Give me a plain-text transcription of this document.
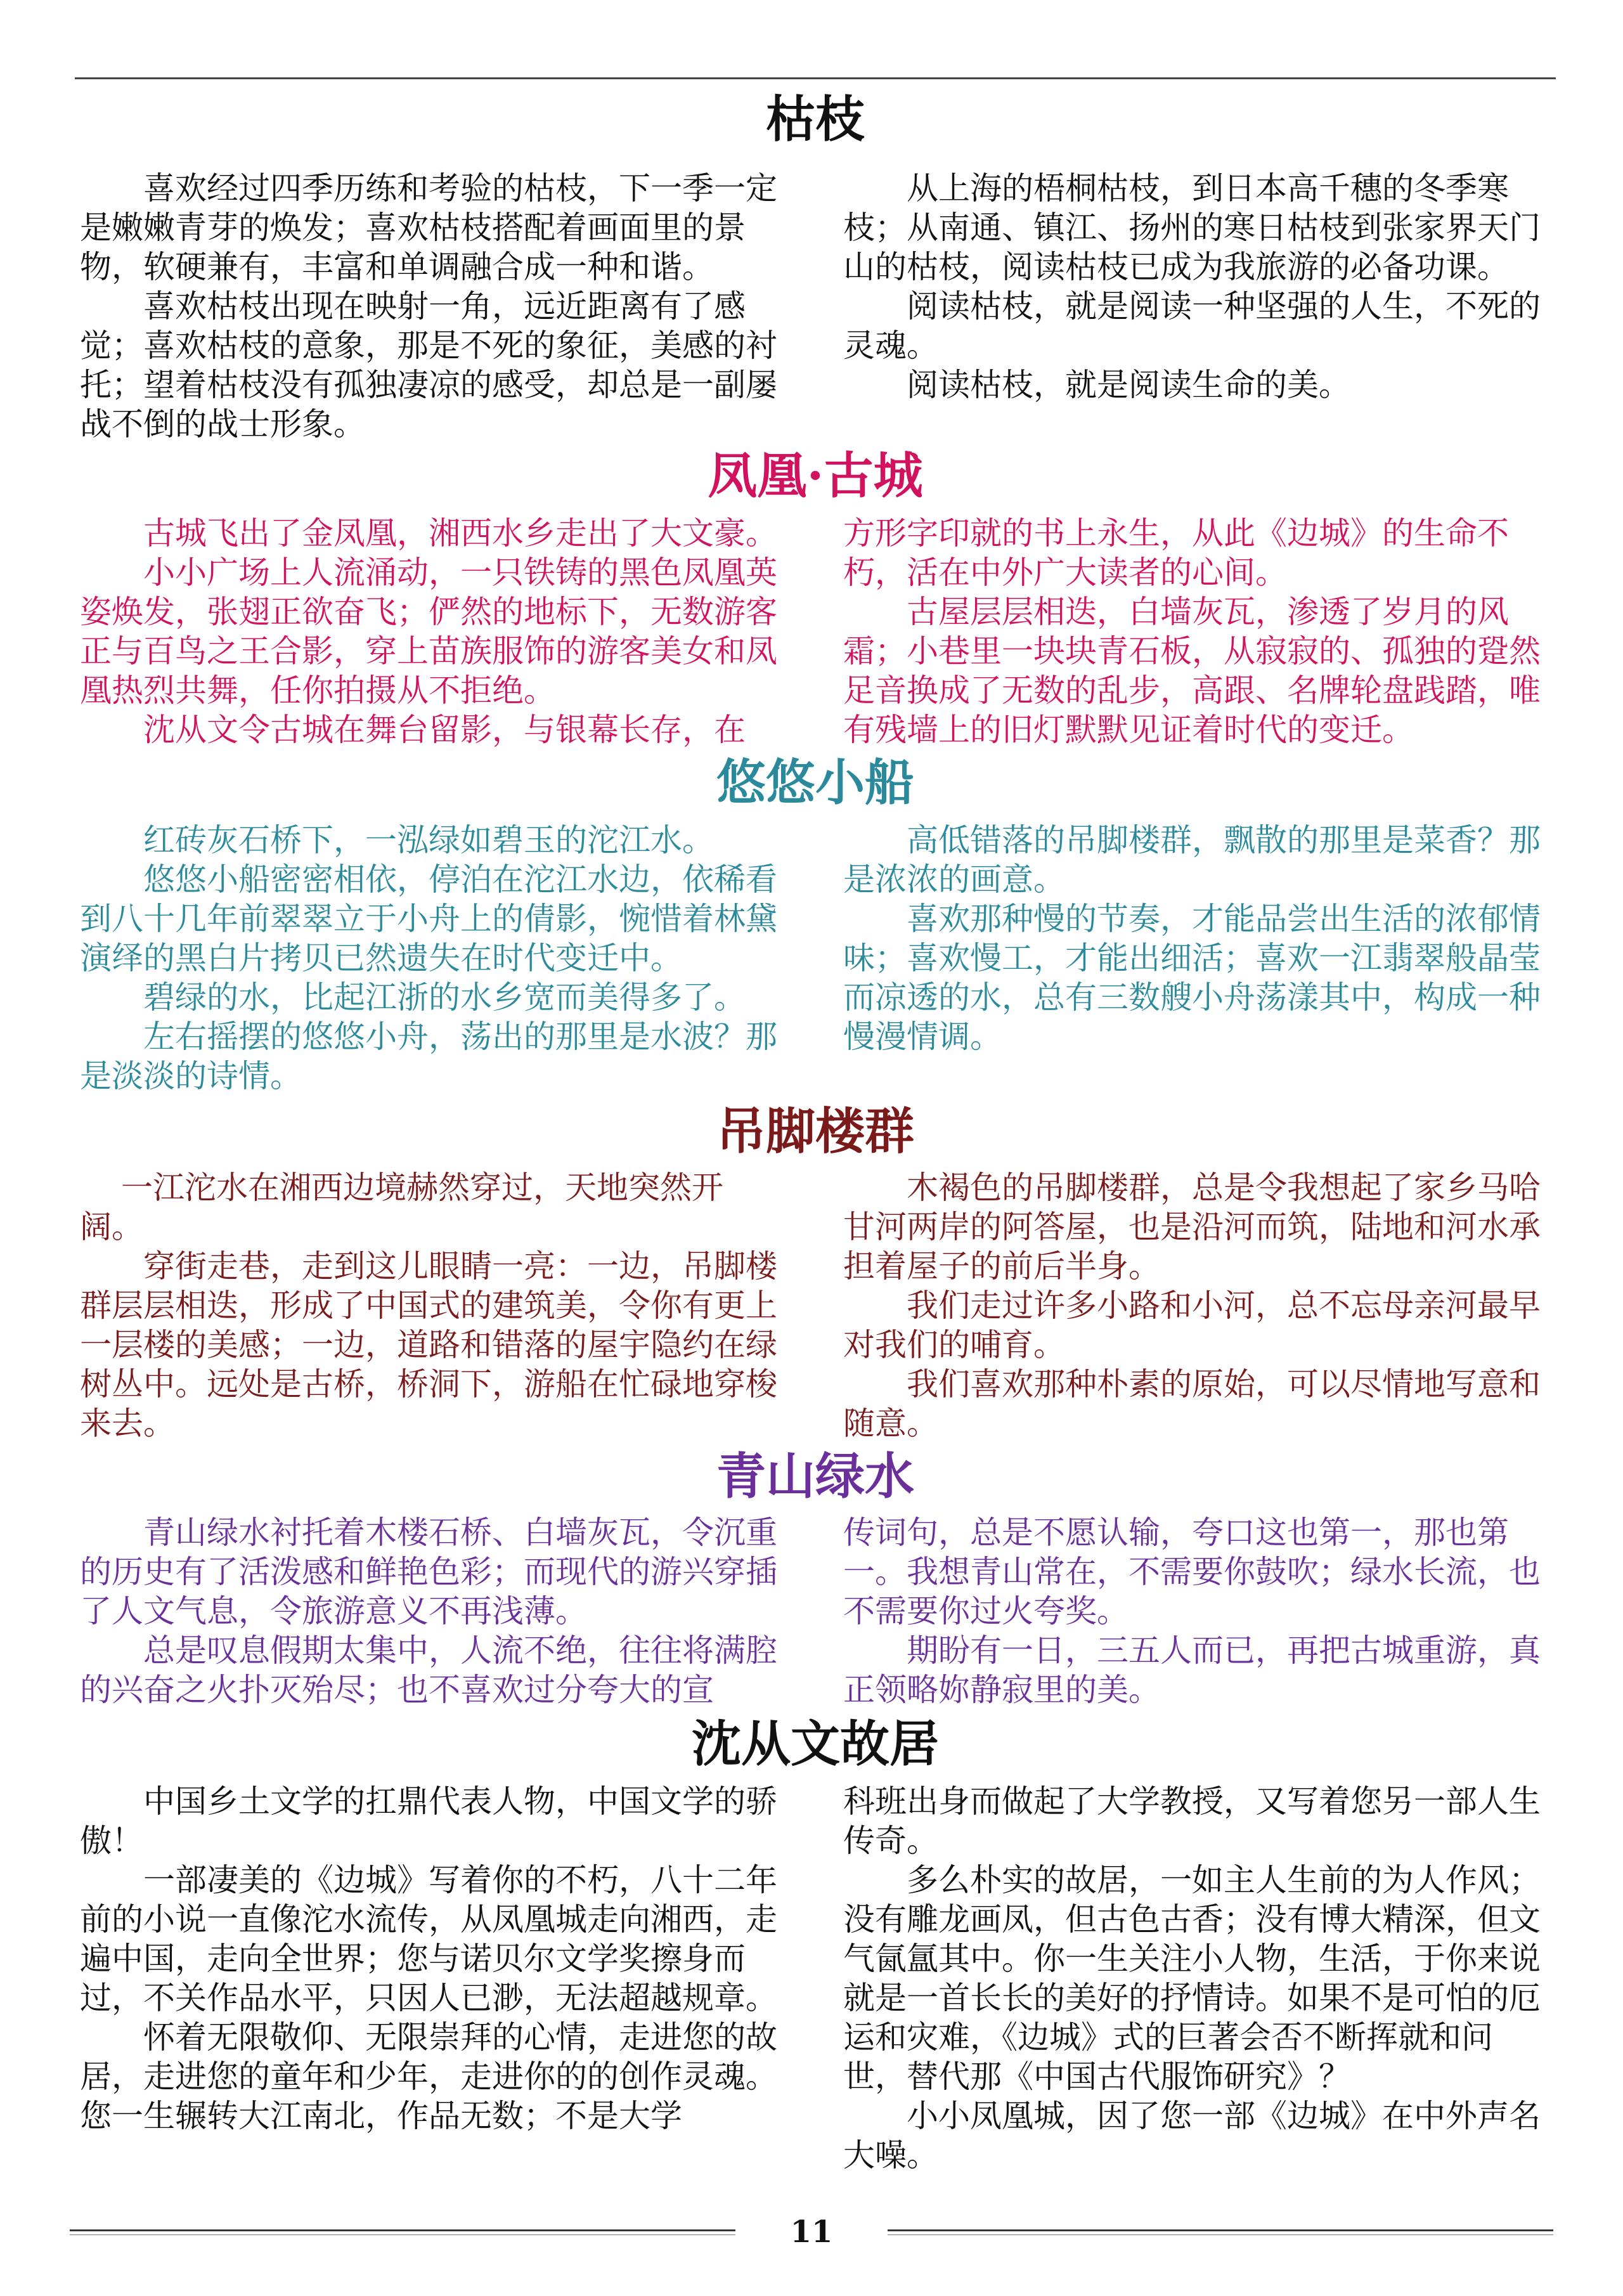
枯枝

喜欢经过四季历练和考验的枯枝，下一季一定是嫩嫩青芽的焕发；喜欢枯枝搭配着画面里的景物，软硬兼有，丰富和单调融合成一种和谐。

喜欢枯枝出现在映射一角，远近距离有了感觉；喜欢枯枝的意象，那是不死的象征，美感的衬托；望着枯枝没有孤独凄凉的感受，却总是一副屡战不倒的战士形象。

从上海的梧桐枯枝，到日本高千穗的冬季寒枝；从南通、镇江、扬州的寒日枯枝到张家界天门山的枯枝，阅读枯枝已成为我旅游的必备功课。

阅读枯枝，就是阅读一种坚强的人生，不死的灵魂。

阅读枯枝，就是阅读生命的美。

凤凰·古城

古城飞出了金凤凰，湘西水乡走出了大文豪。

小小广场上人流涌动，一只铁铸的黑色凤凰英姿焕发，张翅正欲奋飞；俨然的地标下，无数游客正与百鸟之王合影，穿上苗族服饰的游客美女和凤凰热烈共舞，任你拍摄从不拒绝。

沈从文令古城在舞台留影，与银幕长存，在

方形字印就的书上永生，从此《边城》的生命不朽，活在中外广大读者的心间。

古屋层层相迭，白墙灰瓦，渗透了岁月的风霜；小巷里一块块青石板，从寂寂的、孤独的跫然足音换成了无数的乱步，高跟、名牌轮盘践踏，唯有残墙上的旧灯默默见证着时代的变迁。

悠悠小船

红砖灰石桥下，一泓绿如碧玉的沱江水。

悠悠小船密密相依，停泊在沱江水边，依稀看到八十几年前翠翠立于小舟上的倩影，惋惜着林黛演绎的黑白片拷贝已然遗失在时代变迁中。

碧绿的水，比起江浙的水乡宽而美得多了。

左右摇摆的悠悠小舟，荡出的那里是水波？那是淡淡的诗情。

高低错落的吊脚楼群，飘散的那里是菜香？那是浓浓的画意。

喜欢那种慢的节奏，才能品尝出生活的浓郁情味；喜欢慢工，才能出细活；喜欢一江翡翠般晶莹而凉透的水，总有三数艘小舟荡漾其中，构成一种慢漫情调。

吊脚楼群

一江沱水在湘西边境赫然穿过，天地突然开阔。

穿街走巷，走到这儿眼睛一亮：一边，吊脚楼群层层相迭，形成了中国式的建筑美，令你有更上一层楼的美感；一边，道路和错落的屋宇隐约在绿树丛中。远处是古桥，桥洞下，游船在忙碌地穿梭来去。

木褐色的吊脚楼群，总是令我想起了家乡马哈甘河两岸的阿答屋，也是沿河而筑，陆地和河水承担着屋子的前后半身。

我们走过许多小路和小河，总不忘母亲河最早对我们的哺育。

我们喜欢那种朴素的原始，可以尽情地写意和随意。

青山绿水

青山绿水衬托着木楼石桥、白墙灰瓦，令沉重的历史有了活泼感和鲜艳色彩；而现代的游兴穿插了人文气息，令旅游意义不再浅薄。

总是叹息假期太集中，人流不绝，往往将满腔的兴奋之火扑灭殆尽；也不喜欢过分夸大的宣

传词句，总是不愿认输，夸口这也第一，那也第一。我想青山常在，不需要你鼓吹；绿水长流，也不需要你过火夸奖。

期盼有一日，三五人而已，再把古城重游，真正领略妳静寂里的美。

沈从文故居

中国乡土文学的扛鼎代表人物，中国文学的骄傲！

一部凄美的《边城》写着你的不朽，八十二年前的小说一直像沱水流传，从凤凰城走向湘西，走遍中国，走向全世界；您与诺贝尔文学奖擦身而过，不关作品水平，只因人已渺，无法超越规章。

怀着无限敬仰、无限崇拜的心情，走进您的故居，走进您的童年和少年，走进你的的创作灵魂。您一生辗转大江南北，作品无数；不是大学

科班出身而做起了大学教授，又写着您另一部人生传奇。

多么朴实的故居，一如主人生前的为人作风；没有雕龙画凤，但古色古香；没有博大精深，但文气氤氲其中。你一生关注小人物，生活，于你来说就是一首长长的美好的抒情诗。如果不是可怕的厄运和灾难，《边城》式的巨著会否不断挥就和问世，替代那《中国古代服饰研究》？

小小凤凰城，因了您一部《边城》在中外声名大噪。

11
